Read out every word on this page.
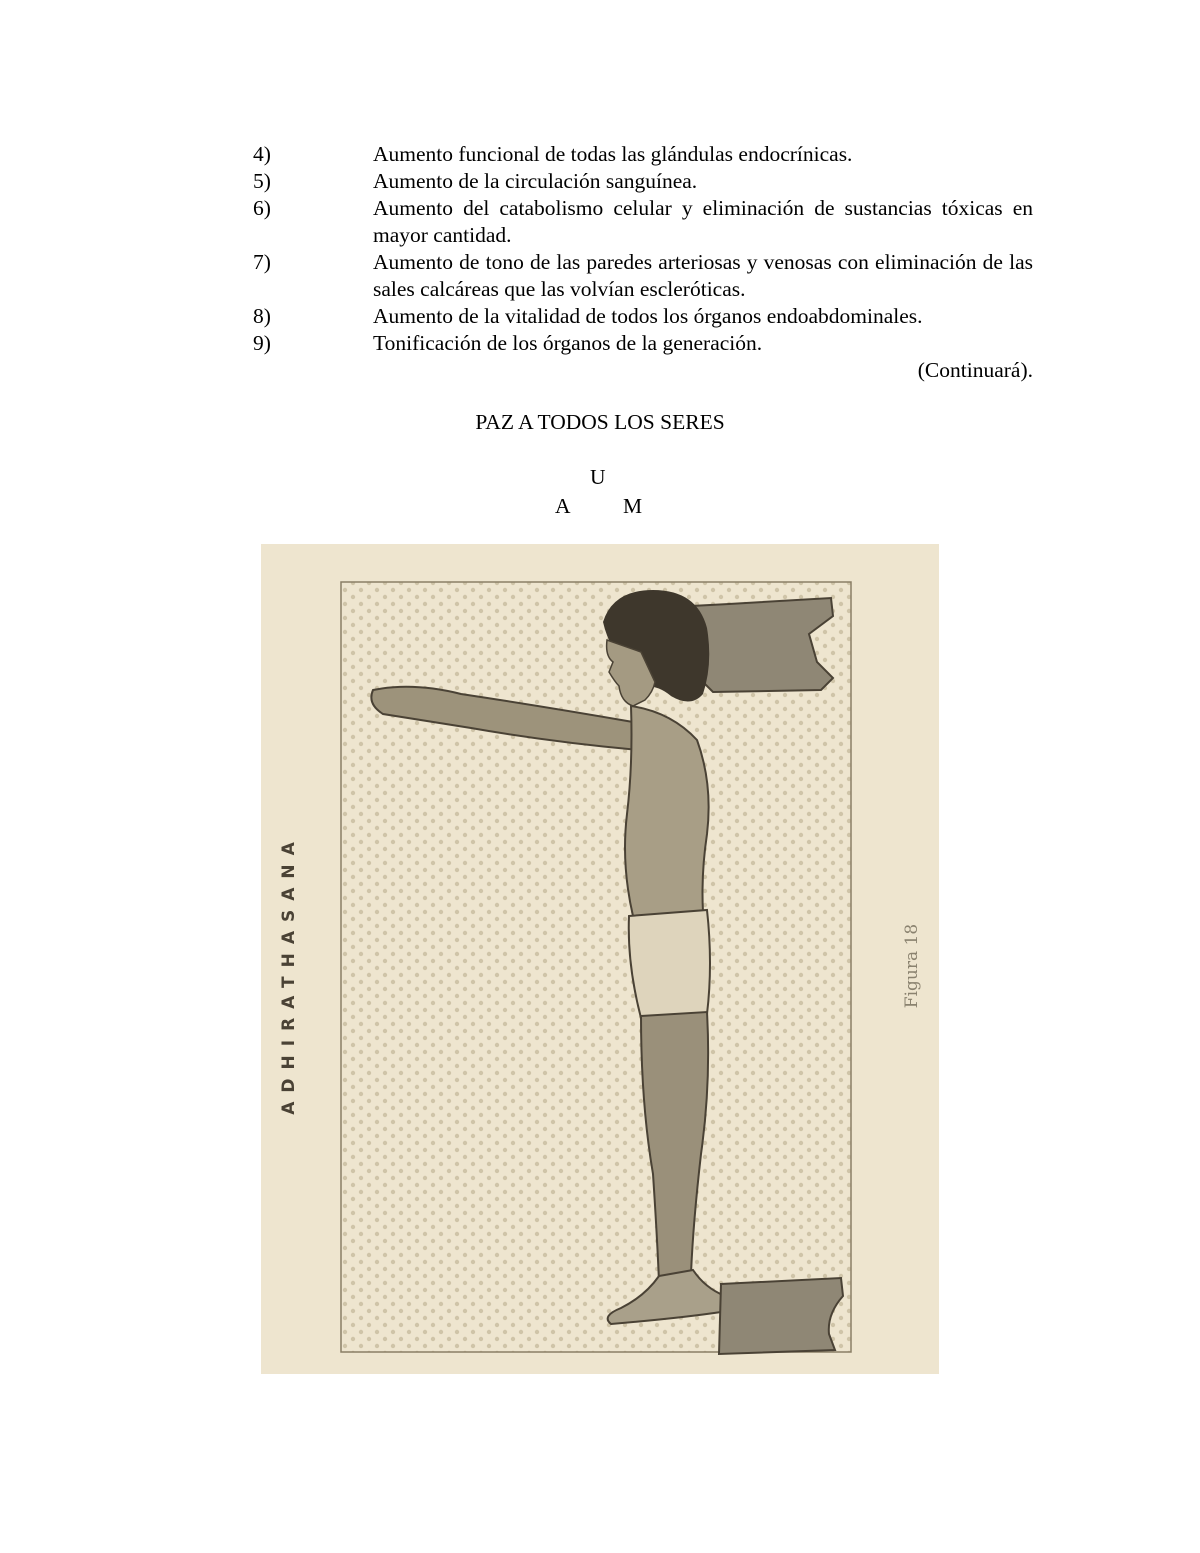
4)	Aumento funcional de todas las glándulas endocrínicas.
5)	Aumento de la circulación sanguínea.
6)	Aumento del catabolismo celular y eliminación de sustancias tóxicas en mayor cantidad.
7)	Aumento de tono de las paredes arteriosas y venosas con eliminación de las sales calcáreas que las volvían escleróticas.
8)	Aumento de la vitalidad de todos los órganos endoabdominales.
9)	Tonificación de los órganos de la generación.
(Continuará).
PAZ A TODOS LOS SERES
U
A M
ADHIRATHASANA	Figura 18
